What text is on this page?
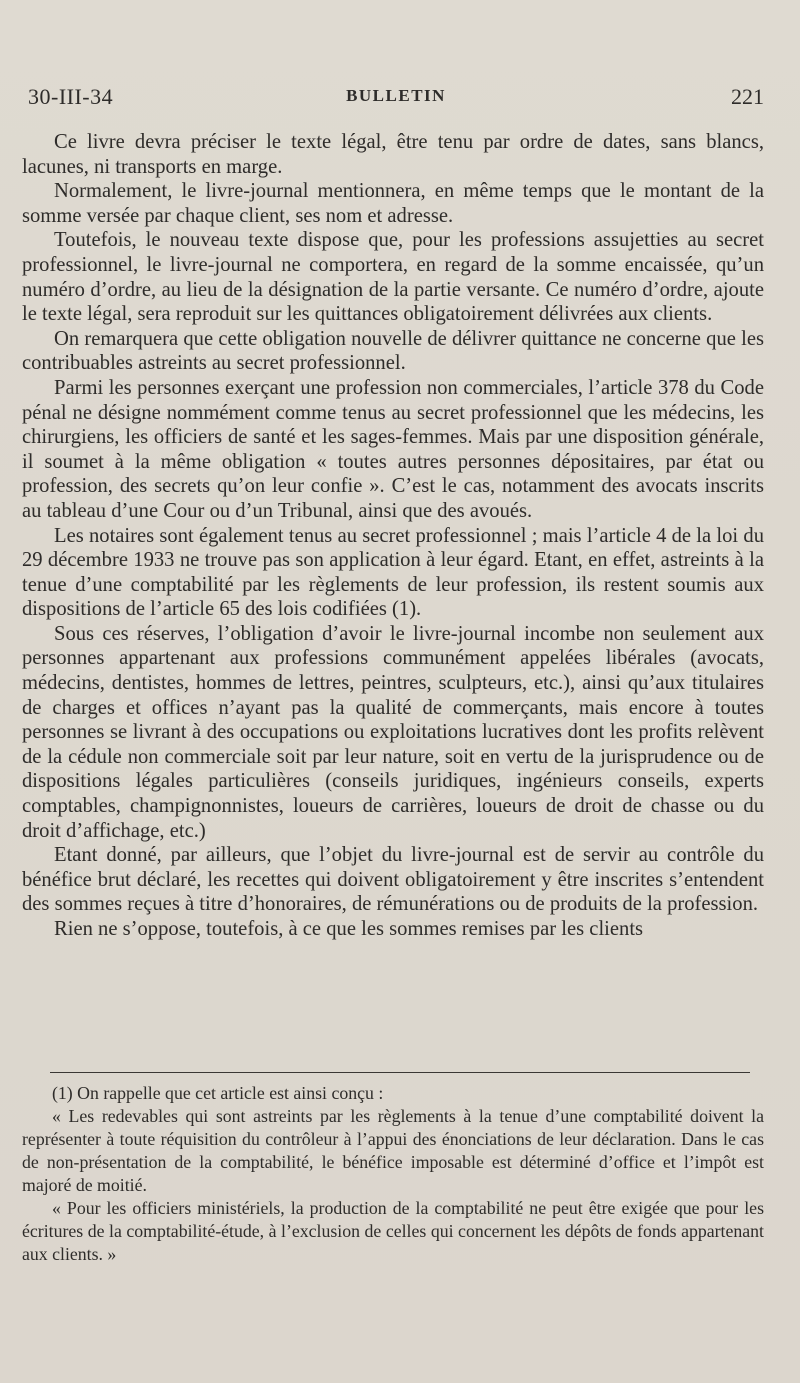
30-III-34	BULLETIN	221

Ce livre devra préciser le texte légal, être tenu par ordre de dates, sans blancs, lacunes, ni transports en marge.

Normalement, le livre-journal mentionnera, en même temps que le montant de la somme versée par chaque client, ses nom et adresse.

Toutefois, le nouveau texte dispose que, pour les professions assujetties au secret professionnel, le livre-journal ne comportera, en regard de la somme encaissée, qu’un numéro d’ordre, au lieu de la désignation de la partie versante. Ce numéro d’ordre, ajoute le texte légal, sera reproduit sur les quittances obligatoirement délivrées aux clients.

On remarquera que cette obligation nouvelle de délivrer quittance ne concerne que les contribuables astreints au secret professionnel.

Parmi les personnes exerçant une profession non commerciales, l’article 378 du Code pénal ne désigne nommément comme tenus au secret professionnel que les médecins, les chirurgiens, les officiers de santé et les sages-femmes. Mais par une disposition générale, il soumet à la même obligation « toutes autres personnes dépositaires, par état ou profession, des secrets qu’on leur confie ». C’est le cas, notamment des avocats inscrits au tableau d’une Cour ou d’un Tribunal, ainsi que des avoués.

Les notaires sont également tenus au secret professionnel ; mais l’article 4 de la loi du 29 décembre 1933 ne trouve pas son application à leur égard. Etant, en effet, astreints à la tenue d’une comptabilité par les règlements de leur profession, ils restent soumis aux dispositions de l’article 65 des lois codifiées (1).

Sous ces réserves, l’obligation d’avoir le livre-journal incombe non seulement aux personnes appartenant aux professions communément appelées libérales (avocats, médecins, dentistes, hommes de lettres, peintres, sculpteurs, etc.), ainsi qu’aux titulaires de charges et offices n’ayant pas la qualité de commerçants, mais encore à toutes personnes se livrant à des occupations ou exploitations lucratives dont les profits relèvent de la cédule non commerciale soit par leur nature, soit en vertu de la jurisprudence ou de dispositions légales particulières (conseils juridiques, ingénieurs conseils, experts comptables, champignonnistes, loueurs de carrières, loueurs de droit de chasse ou du droit d’affichage, etc.)

Etant donné, par ailleurs, que l’objet du livre-journal est de servir au contrôle du bénéfice brut déclaré, les recettes qui doivent obligatoirement y être inscrites s’entendent des sommes reçues à titre d’honoraires, de rémunérations ou de produits de la profession.

Rien ne s’oppose, toutefois, à ce que les sommes remises par les clients

(1) On rappelle que cet article est ainsi conçu :

« Les redevables qui sont astreints par les règlements à la tenue d’une comptabilité doivent la représenter à toute réquisition du contrôleur à l’appui des énonciations de leur déclaration. Dans le cas de non-présentation de la comptabilité, le bénéfice imposable est déterminé d’office et l’impôt est majoré de moitié.

« Pour les officiers ministériels, la production de la comptabilité ne peut être exigée que pour les écritures de la comptabilité-étude, à l’exclusion de celles qui concernent les dépôts de fonds appartenant aux clients. »
